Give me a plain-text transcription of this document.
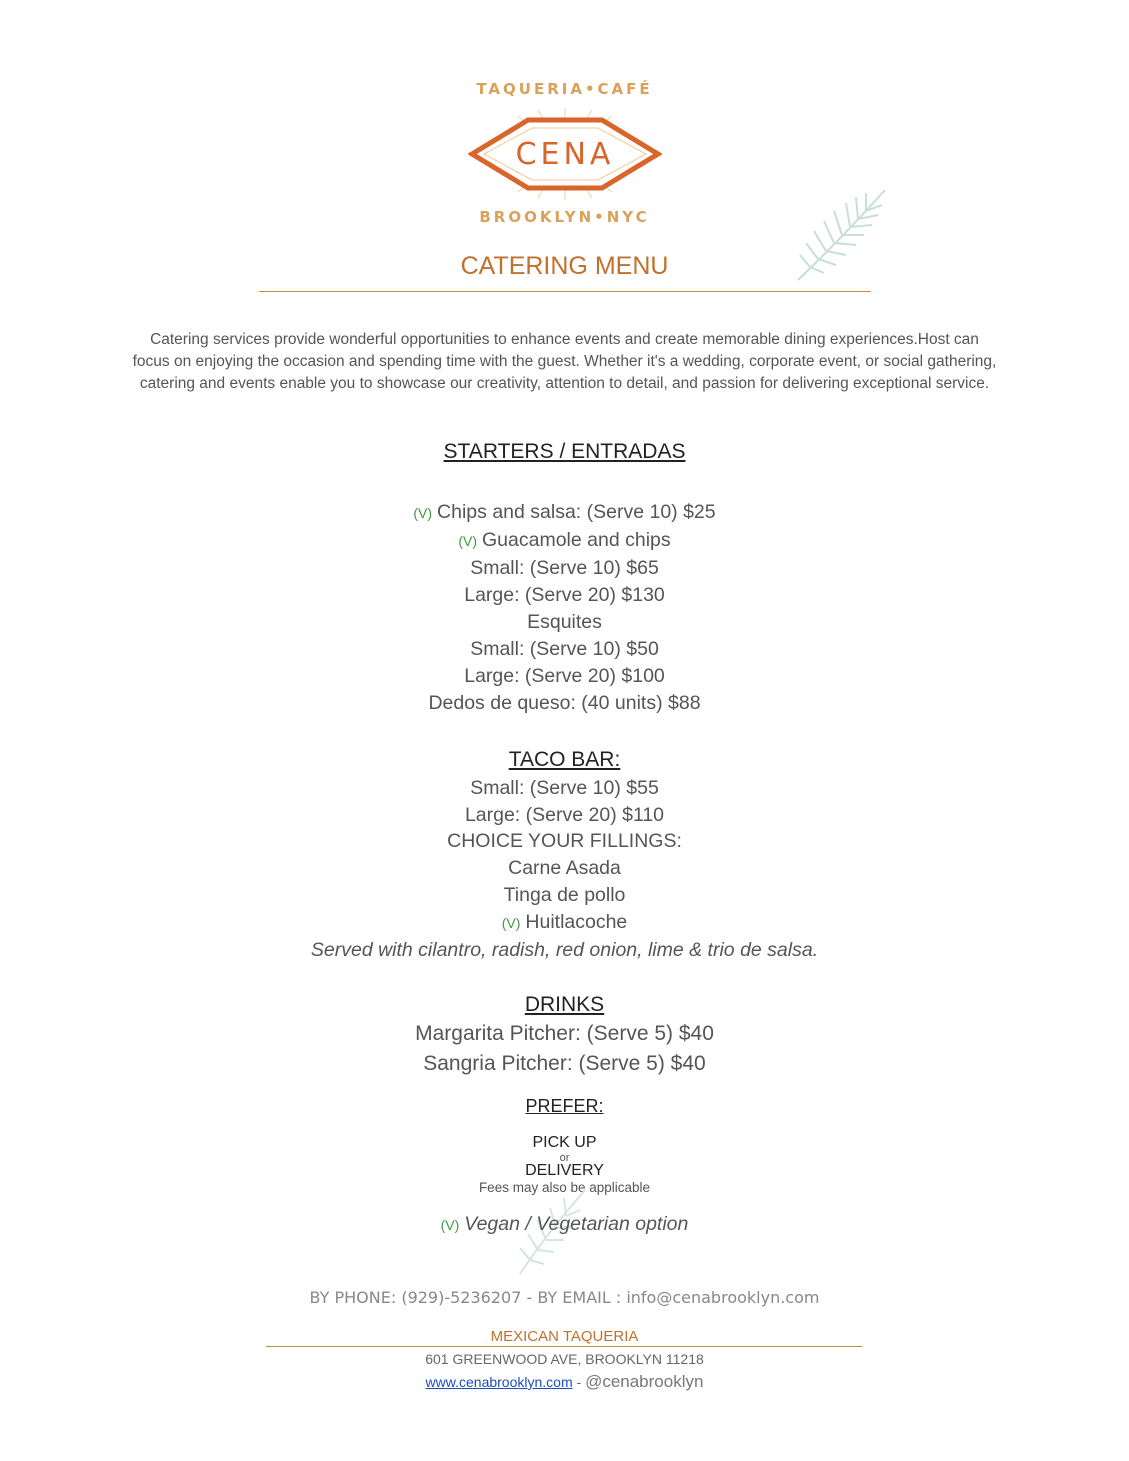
TAQUERIA•CAFÉ
CENA
BROOKLYN•NYC
CATERING MENU
Catering services provide wonderful opportunities to enhance events and create memorable dining experiences.Host can focus on enjoying the occasion and spending time with the guest. Whether it's a wedding, corporate event, or social gathering, catering and events enable you to showcase our creativity, attention to detail, and passion for delivering exceptional service.
STARTERS / ENTRADAS
(V) Chips and salsa: (Serve 10) $25
(V) Guacamole and chips
Small: (Serve 10) $65
Large: (Serve 20) $130
Esquites
Small: (Serve 10) $50
Large: (Serve 20) $100
Dedos de queso: (40 units) $88
TACO BAR:
Small: (Serve 10) $55
Large: (Serve 20) $110
CHOICE YOUR FILLINGS:
Carne Asada
Tinga de pollo
(V) Huitlacoche
Served with cilantro, radish, red onion, lime & trio de salsa.
DRINKS
Margarita Pitcher: (Serve 5) $40
Sangria Pitcher: (Serve 5) $40
PREFER:
PICK UP
or
DELIVERY
Fees may also be applicable
(V) Vegan / Vegetarian option
BY PHONE: (929)-5236207 - BY EMAIL : info@cenabrooklyn.com
MEXICAN TAQUERIA
601 GREENWOOD AVE, BROOKLYN 11218
www.cenabrooklyn.com - @cenabrooklyn
